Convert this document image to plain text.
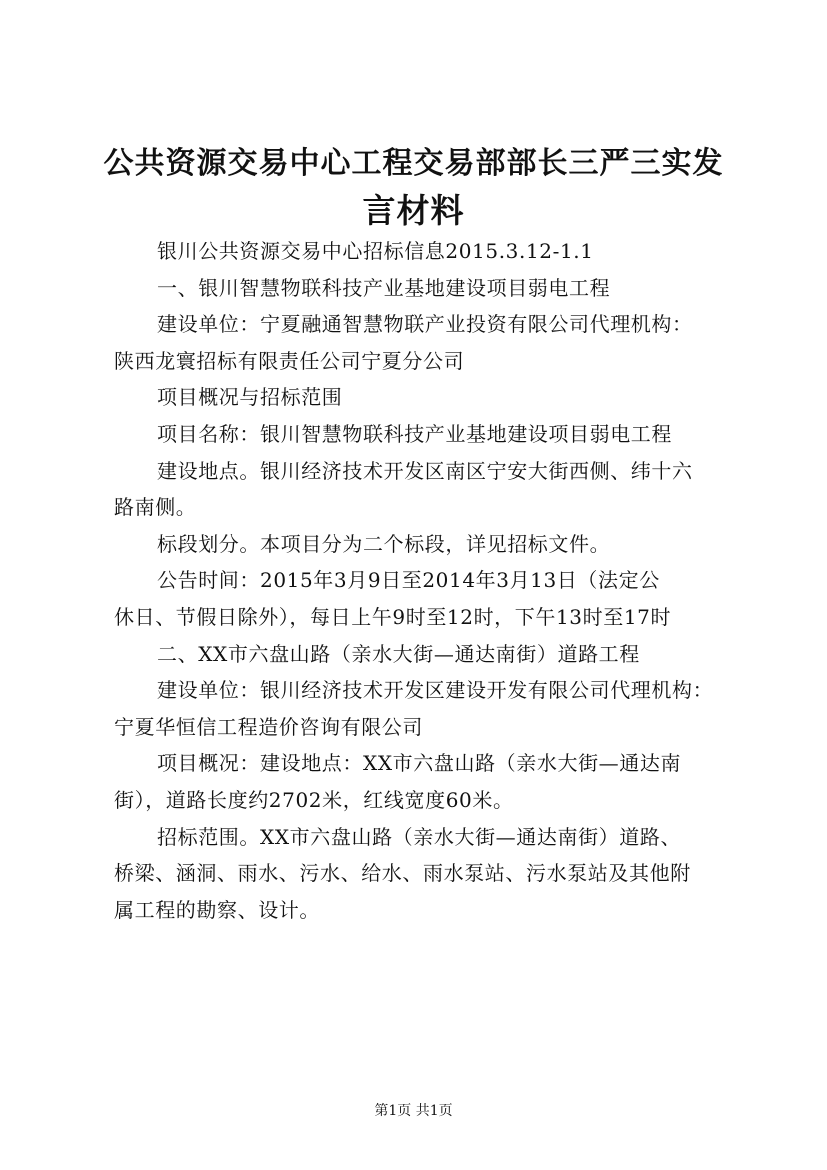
公共资源交易中心工程交易部部长三严三实发
言材料

银川公共资源交易中心招标信息2015.3.12-1.1

一、银川智慧物联科技产业基地建设项目弱电工程

建设单位：宁夏融通智慧物联产业投资有限公司代理机构：

陕西龙寰招标有限责任公司宁夏分公司

项目概况与招标范围

项目名称：银川智慧物联科技产业基地建设项目弱电工程

建设地点。银川经济技术开发区南区宁安大街西侧、纬十六

路南侧。

标段划分。本项目分为二个标段，详见招标文件。

公告时间：2015年3月9日至2014年3月13日（法定公

休日、节假日除外），每日上午9时至12时，下午13时至17时

二、XX市六盘山路（亲水大街—通达南街）道路工程

建设单位：银川经济技术开发区建设开发有限公司代理机构：

宁夏华恒信工程造价咨询有限公司

项目概况：建设地点：XX市六盘山路（亲水大街—通达南

街），道路长度约2702米，红线宽度60米。

招标范围。XX市六盘山路（亲水大街—通达南街）道路、

桥梁、涵洞、雨水、污水、给水、雨水泵站、污水泵站及其他附

属工程的勘察、设计。

第1页 共1页
